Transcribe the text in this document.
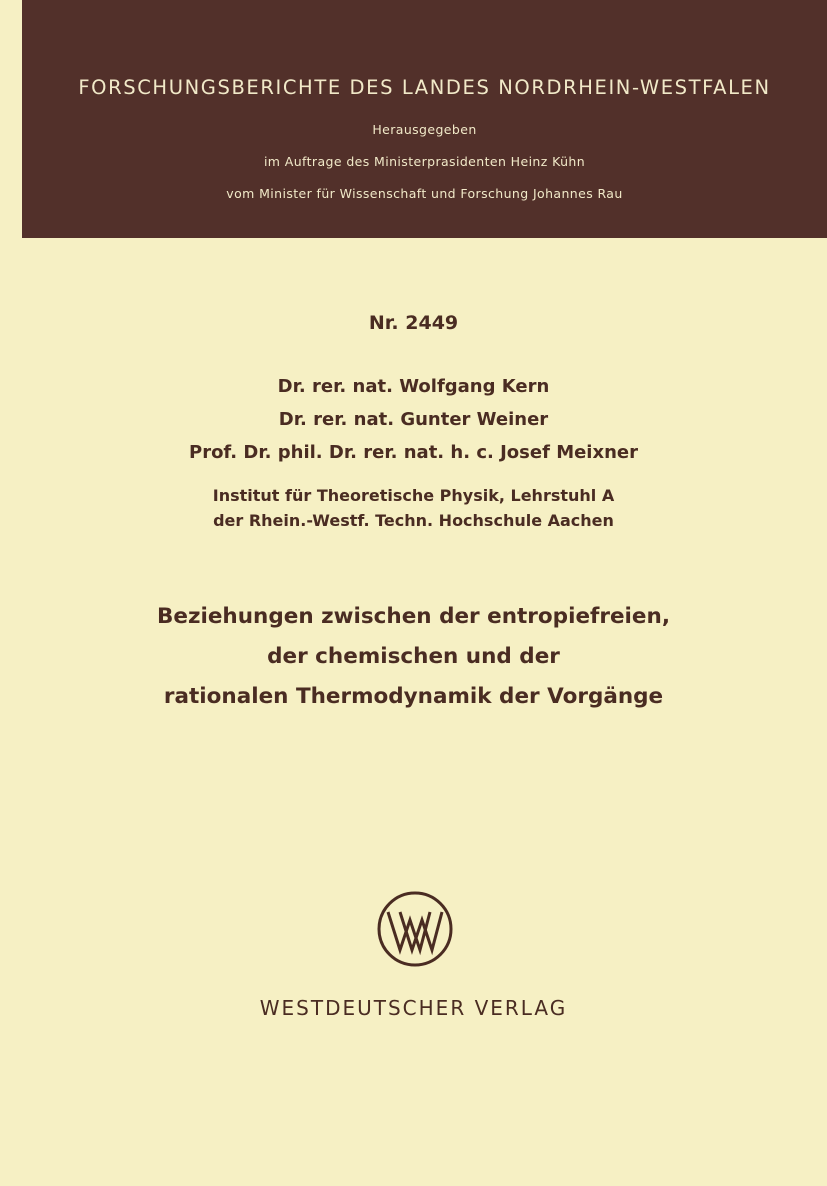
FORSCHUNGSBERICHTE DES LANDES NORDRHEIN-WESTFALEN
Herausgegeben
im Auftrage des Ministerprasidenten Heinz Kühn
vom Minister für Wissenschaft und Forschung Johannes Rau
Nr. 2449
Dr. rer. nat. Wolfgang Kern
Dr. rer. nat. Gunter Weiner
Prof. Dr. phil. Dr. rer. nat. h. c. Josef Meixner
Institut für Theoretische Physik, Lehrstuhl A
der Rhein.-Westf. Techn. Hochschule Aachen
Beziehungen zwischen der entropiefreien,
der chemischen und der
rationalen Thermodynamik der Vorgänge
WESTDEUTSCHER VERLAG
